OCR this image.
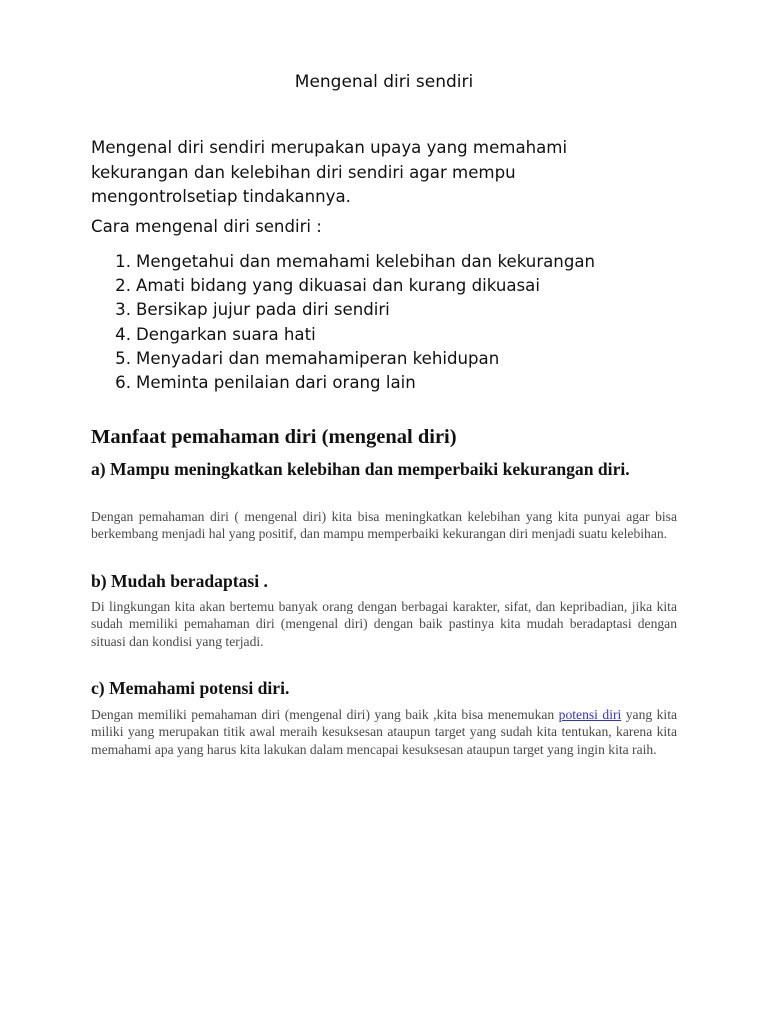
Mengenal diri sendiri

Mengenal diri sendiri merupakan upaya yang memahami kekurangan dan kelebihan diri sendiri agar mempu mengontrolsetiap tindakannya.

Cara mengenal diri sendiri :

1. Mengetahui dan memahami kelebihan dan kekurangan
2. Amati bidang yang dikuasai dan kurang dikuasai
3. Bersikap jujur pada diri sendiri
4. Dengarkan suara hati
5. Menyadari dan memahamiperan kehidupan
6. Meminta penilaian dari orang lain
Manfaat pemahaman diri (mengenal diri)
a) Mampu meningkatkan kelebihan dan memperbaiki kekurangan diri.

Dengan pemahaman diri ( mengenal diri) kita bisa meningkatkan kelebihan yang kita punyai agar bisa berkembang menjadi hal yang positif, dan mampu memperbaiki kekurangan diri menjadi suatu kelebihan.

b) Mudah beradaptasi .

Di lingkungan kita akan bertemu banyak orang dengan berbagai karakter, sifat, dan kepribadian, jika kita sudah memiliki pemahaman diri (mengenal diri) dengan baik pastinya kita mudah beradaptasi dengan situasi dan kondisi yang terjadi.

c) Memahami potensi diri.

Dengan memiliki pemahaman diri (mengenal diri) yang baik ,kita bisa menemukan potensi diri yang kita miliki yang merupakan titik awal meraih kesuksesan ataupun target yang sudah kita tentukan, karena kita memahami apa yang harus kita lakukan dalam mencapai kesuksesan ataupun target yang ingin kita raih.
